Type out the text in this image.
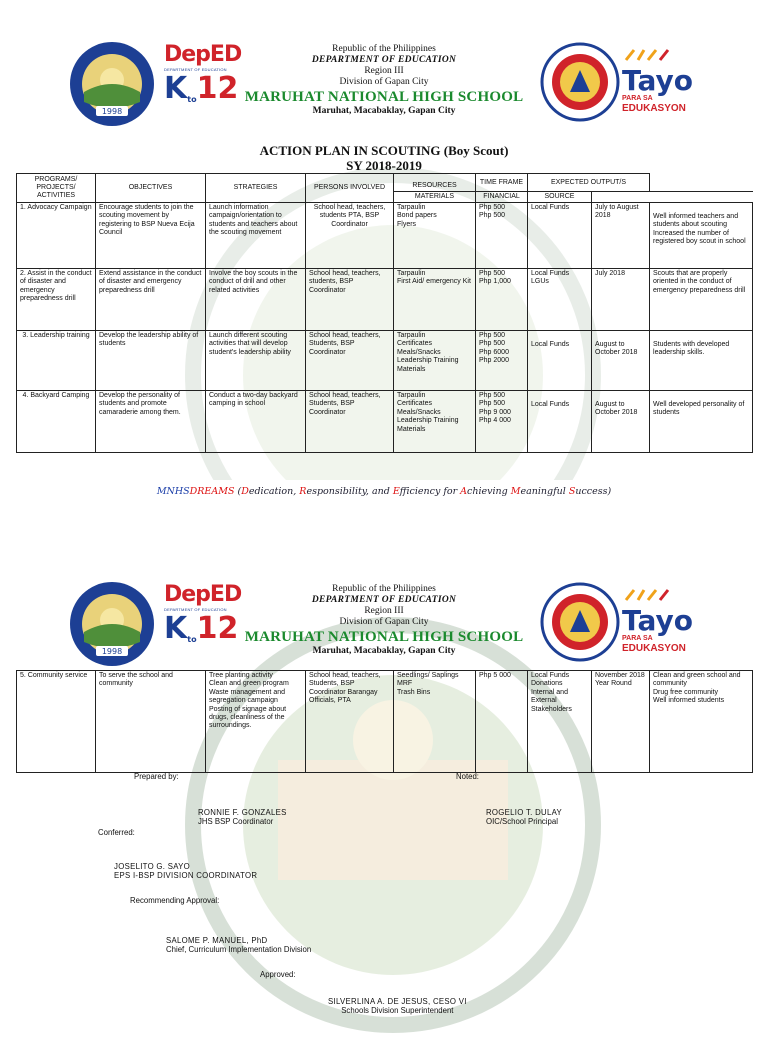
1998
DepED
DEPARTMENT OF EDUCATION
Kto12
Republic of the Philippines
DEPARTMENT OF EDUCATION
Region III
Division of Gapan City
MARUHAT NATIONAL HIGH SCHOOL
Maruhat, Macabaklay, Gapan City
Tayo
PARA SA
EDUKASYON
ACTION PLAN IN SCOUTING (Boy Scout)
SY 2018-2019
PROGRAMS/ PROJECTS/ ACTIVITIES	OBJECTIVES	STRATEGIES	PERSONS INVOLVED	RESOURCES	TIME FRAME	EXPECTED OUTPUT/S		
				MATERIALS	FINANCIAL	SOURCE		
1. Advocacy Campaign	Encourage students to join the scouting movement by registering to BSP Nueva Ecija Council	Launch information campaign/orientation to students and teachers about the scouting movement	School head, teachers, students PTA, BSP Coordinator	Tarpaulin
Bond papers
Flyers	Php 500
Php 500	Local Funds	July to August 2018	Well informed teachers and students about scouting Increased the number of registered boy scout in school
2. Assist in the conduct of disaster and emergency preparedness drill	Extend assistance in the conduct of disaster and emergency preparedness drill	Involve the boy scouts in the conduct of drill and other related activities	School head, teachers, students, BSP Coordinator	Tarpaulin
First Aid/ emergency Kit	Php 500
Php 1,000	Local Funds LGUs	July 2018	Scouts that are properly oriented in the conduct of emergency preparedness drill
3. Leadership training	Develop the leadership ability of students	Launch different scouting activities that will develop student's leadership ability	School head, teachers, Students, BSP Coordinator	Tarpaulin
Certificates
Meals/Snacks
Leadership Training Materials	Php 500
Php 500
Php 6000
Php 2000	Local Funds	August to October 2018	Students with developed leadership skills.
4. Backyard Camping	Develop the personality of students and promote camaraderie among them.	Conduct a two-day backyard camping in school	School head, teachers, Students, BSP Coordinator	Tarpaulin
Certificates
Meals/Snacks
Leadership Training Materials	Php 500
Php 500
Php 9 000
Php 4 000	Local Funds	August to October 2018	Well developed personality of students
MNHSDREAMS (Dedication, Responsibility, and Efficiency for Achieving Meaningful Success)
1998
DepED
DEPARTMENT OF EDUCATION
Kto12
Republic of the Philippines
DEPARTMENT OF EDUCATION
Region III
Division of Gapan City
MARUHAT NATIONAL HIGH SCHOOL
Maruhat, Macabaklay, Gapan City
Tayo
PARA SA
EDUKASYON
5. Community service	To serve the school and community	Tree planting activity
Clean and green program
Waste management and segregation campaign
Posting of signage about drugs, cleanliness of the surroundings.	School head, teachers, Students, BSP Coordinator Barangay Officials, PTA	Seedlings/ Saplings
MRF
Trash Bins	Php 5 000	Local Funds
Donations
Internal and External Stakeholders	November 2018
Year Round	Clean and green school and community
Drug free community
Well informed students
Prepared by:	Noted:
RONNIE F. GONZALES
JHS BSP Coordinator
ROGELIO T. DULAY
OIC/School Principal
Conferred:
JOSELITO G. SAYO
EPS I-BSP DIVISION COORDINATOR
Recommending Approval:
SALOME P. MANUEL, PhD
Chief, Curriculum Implementation Division
Approved:
SILVERLINA A. DE JESUS, CESO VI
Schools Division Superintendent
